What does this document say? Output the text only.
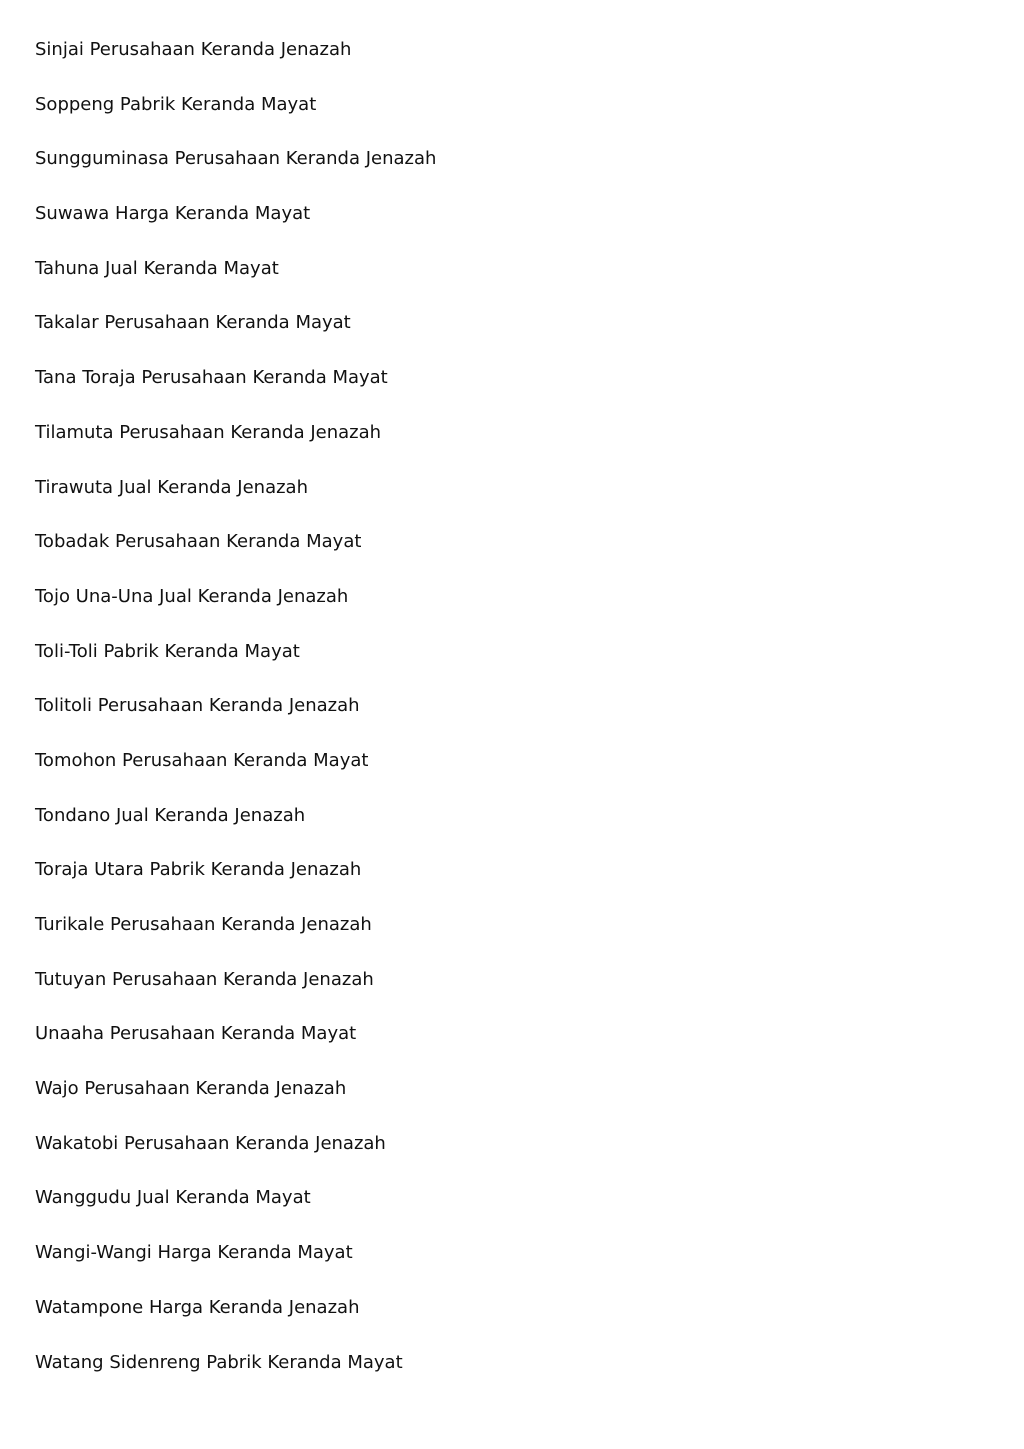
Sinjai Perusahaan Keranda Jenazah
Soppeng Pabrik Keranda Mayat
Sungguminasa Perusahaan Keranda Jenazah
Suwawa Harga Keranda Mayat
Tahuna Jual Keranda Mayat
Takalar Perusahaan Keranda Mayat
Tana Toraja Perusahaan Keranda Mayat
Tilamuta Perusahaan Keranda Jenazah
Tirawuta Jual Keranda Jenazah
Tobadak Perusahaan Keranda Mayat
Tojo Una-Una Jual Keranda Jenazah
Toli-Toli Pabrik Keranda Mayat
Tolitoli Perusahaan Keranda Jenazah
Tomohon Perusahaan Keranda Mayat
Tondano Jual Keranda Jenazah
Toraja Utara Pabrik Keranda Jenazah
Turikale Perusahaan Keranda Jenazah
Tutuyan Perusahaan Keranda Jenazah
Unaaha Perusahaan Keranda Mayat
Wajo Perusahaan Keranda Jenazah
Wakatobi Perusahaan Keranda Jenazah
Wanggudu Jual Keranda Mayat
Wangi-Wangi Harga Keranda Mayat
Watampone Harga Keranda Jenazah
Watang Sidenreng Pabrik Keranda Mayat
